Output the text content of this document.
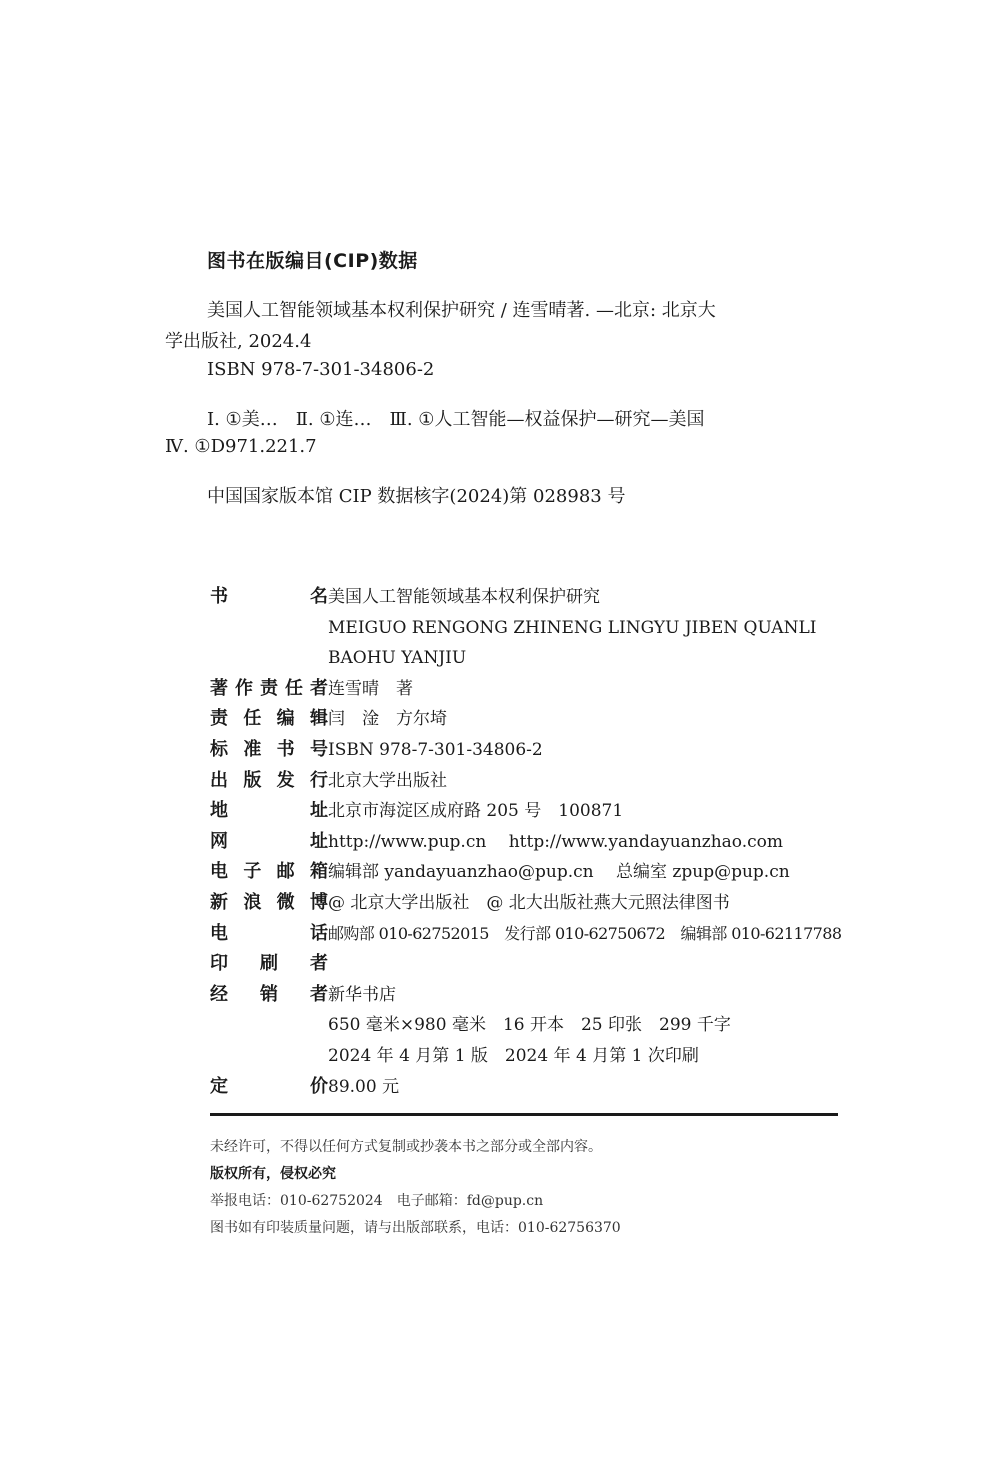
图书在版编目(CIP)数据
美国人工智能领域基本权利保护研究 / 连雪晴著. —北京: 北京大
学出版社, 2024.4
ISBN 978-7-301-34806-2
Ⅰ. ①美…　Ⅱ. ①连…　Ⅲ. ①人工智能—权益保护—研究—美国
Ⅳ. ①D971.221.7
中国国家版本馆 CIP 数据核字(2024)第 028983 号
书	名 美国人工智能领域基本权利保护研究
MEIGUO RENGONG ZHINENG LINGYU JIBEN QUANLI
BAOHU YANJIU
著 作 责 任 者 连雪晴　著
责 任 编 辑 闫　淦　方尔埼
标 准 书 号 ISBN 978-7-301-34806-2
出 版 发 行 北京大学出版社
地	址 北京市海淀区成府路 205 号　100871
网	址 http://www.pup.cn　 http://www.yandayuanzhao.com
电 子 邮 箱 编辑部 yandayuanzhao@pup.cn　 总编室 zpup@pup.cn
新 浪 微 博 @ 北京大学出版社　@ 北大出版社燕大元照法律图书
电	话 邮购部 010-62752015　发行部 010-62750672　编辑部 010-62117788
印 刷 者

经 销 者 新华书店
650 毫米×980 毫米　16 开本　25 印张　299 千字
2024 年 4 月第 1 版　2024 年 4 月第 1 次印刷
定	价 89.00 元
未经许可，不得以任何方式复制或抄袭本书之部分或全部内容。
版权所有，侵权必究
举报电话：010-62752024　电子邮箱：fd@pup.cn
图书如有印装质量问题，请与出版部联系，电话：010-62756370
